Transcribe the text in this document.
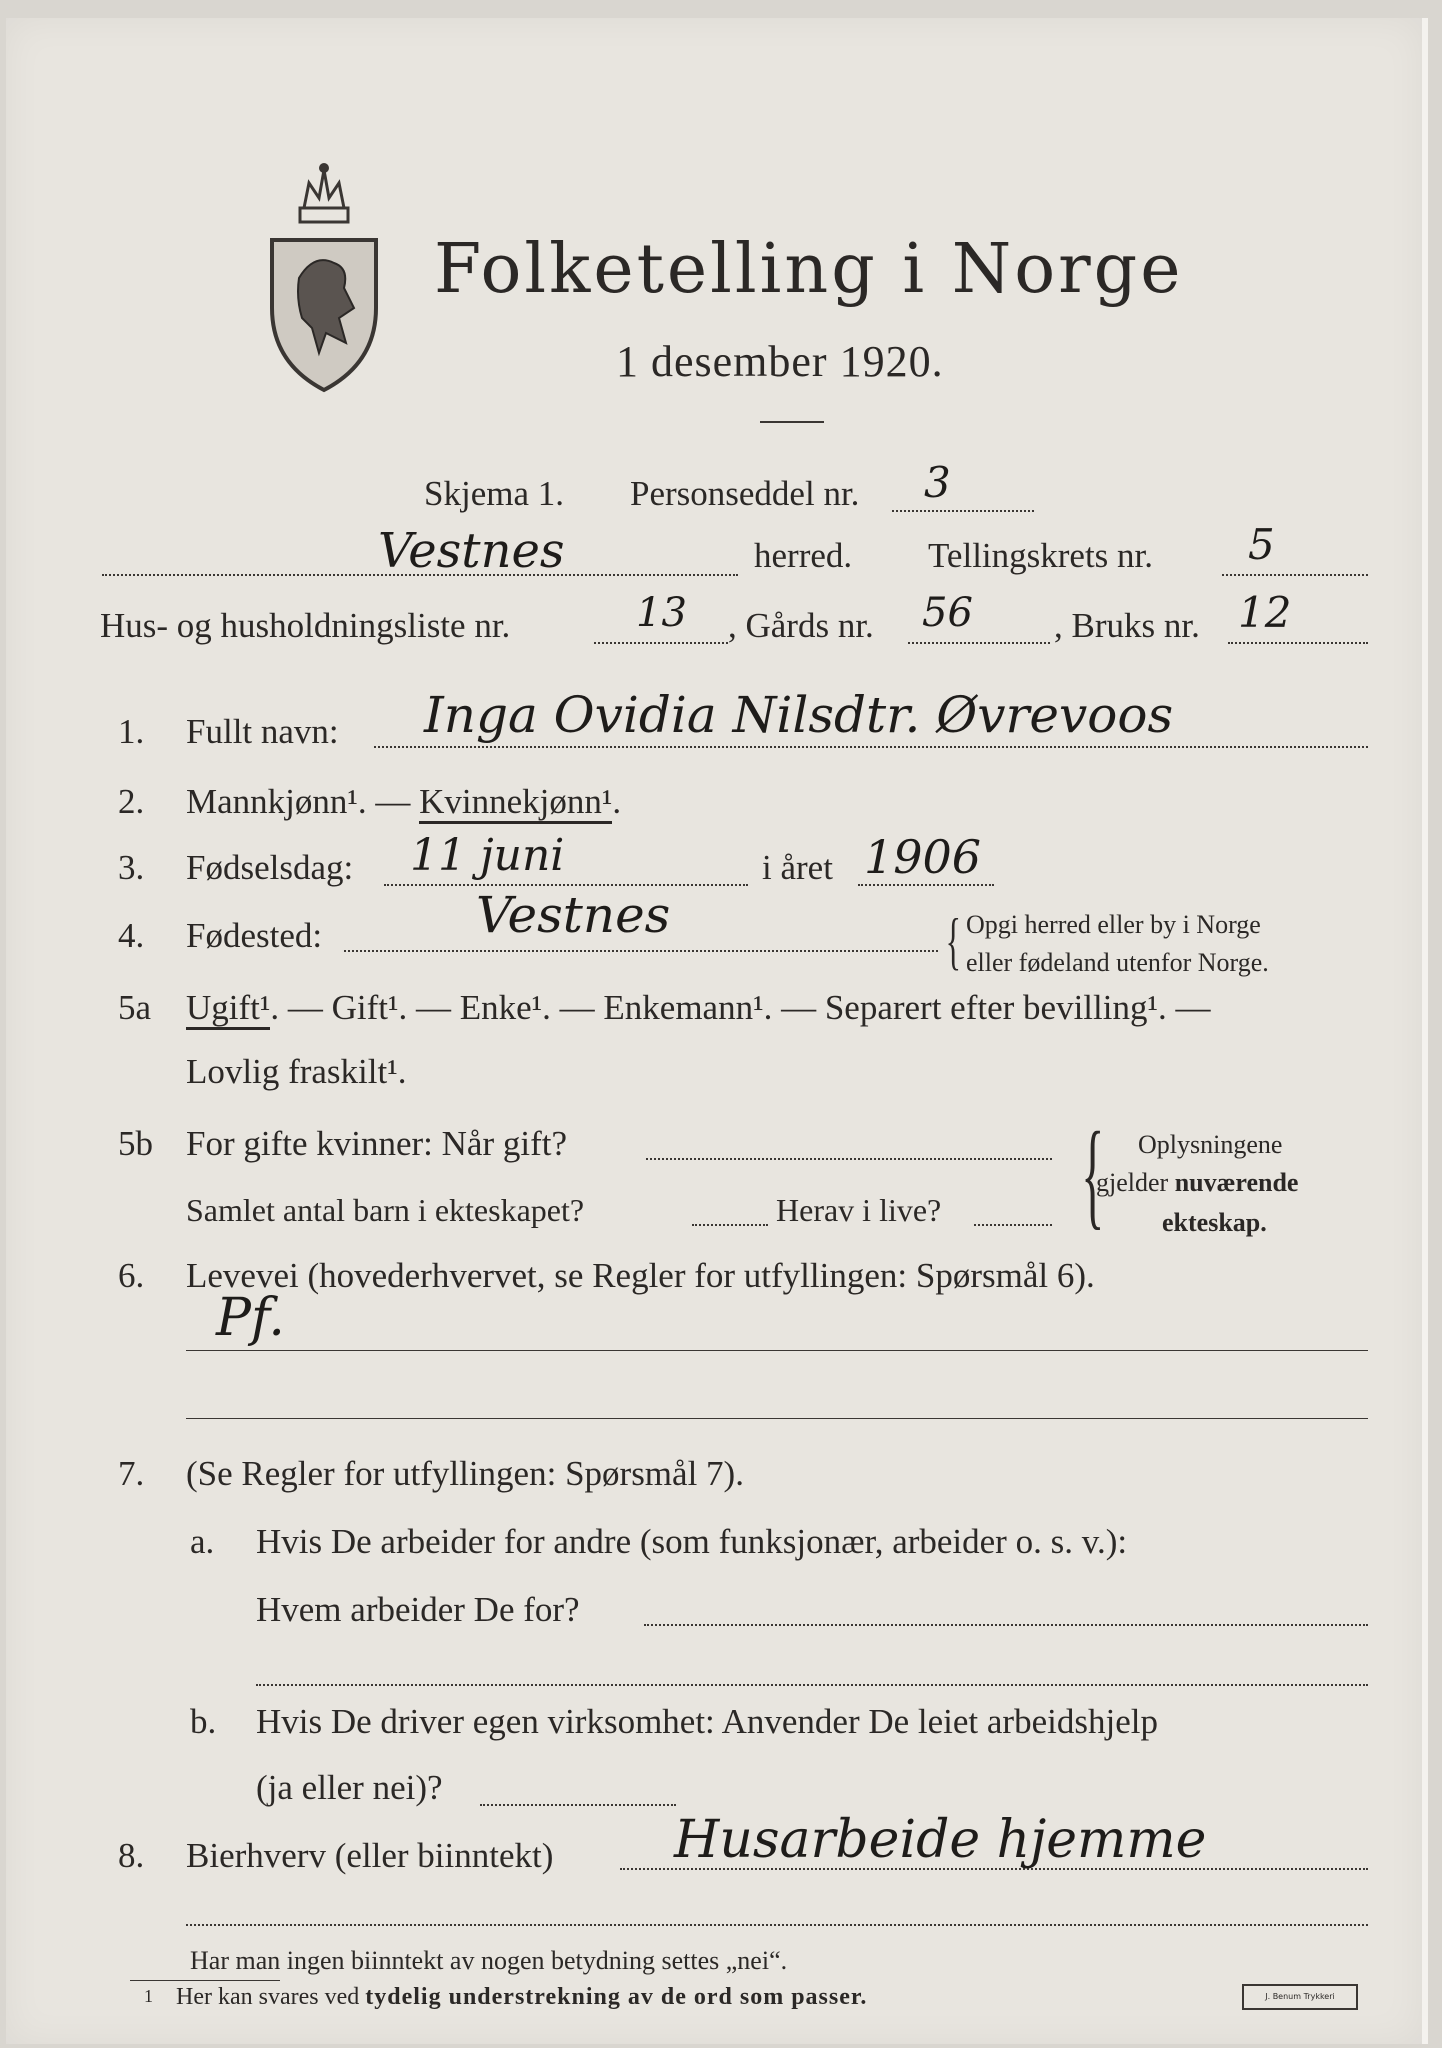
Folketelling i Norge
1 desember 1920.
Skjema 1. Personseddel nr. 3
Vestnes	herred. Tellingskrets nr. 5
Hus- og husholdningsliste nr.	13 , Gårds nr. 56 , Bruks nr. 12
1. Fullt navn: Inga Ovidia Nilsdtr. Øvrevoos
2. Mannkjønn¹. — Kvinnekjønn¹.
3. Fødselsdag: 11 juni	i året 1906
4. Fødested:	Vestnes	{ Opgi herred eller by i Norge
eller fødeland utenfor Norge.
5a Ugift¹. — Gift¹. — Enke¹. — Enkemann¹. — Separert efter bevilling¹. —
Lovlig fraskilt¹.
5b For gifte kvinner: Når gift?
Samlet antal barn i ekteskapet?	Herav i live? { Oplysningene
gjelder nuværende
ekteskap.
6. Levevei (hovederhvervet, se Regler for utfyllingen: Spørsmål 6).
Pf.
7. (Se Regler for utfyllingen: Spørsmål 7).
a. Hvis De arbeider for andre (som funksjonær, arbeider o. s. v.):
Hvem arbeider De for?
b. Hvis De driver egen virksomhet: Anvender De leiet arbeidshjelp
(ja eller nei)?
8. Bierhverv (eller biinntekt) Husarbeide hjemme
Har man ingen biinntekt av nogen betydning settes „nei“.
1 Her kan svares ved tydelig understrekning av de ord som passer.	J. Benum Trykkeri
